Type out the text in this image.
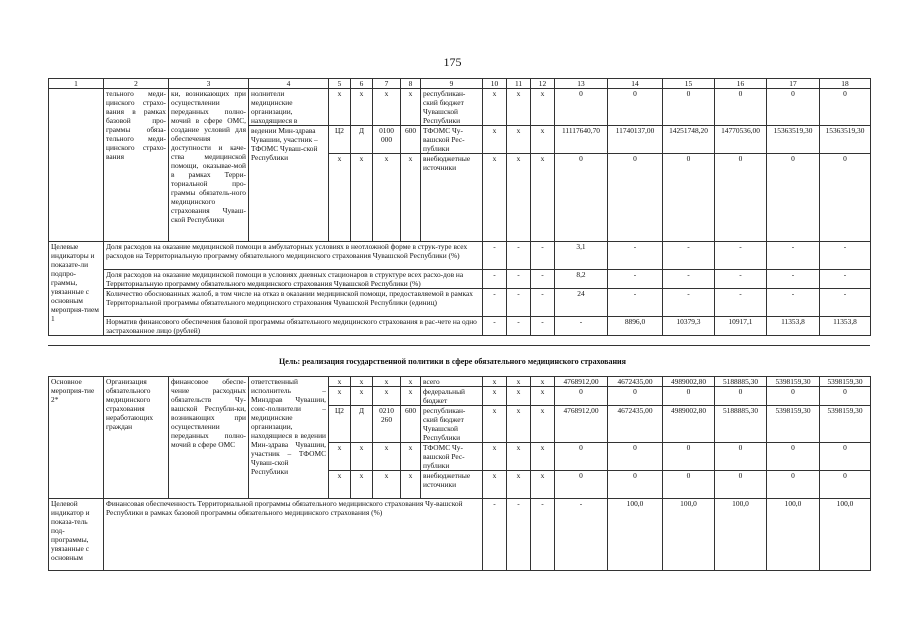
175
1	2	3	4	5	6	7	8	9	10	11	12	13	14	15	16	17	18
	тельного меди-цинского страхо-вания в рамках базовой про-граммы обяза-тельного меди-цинского страхо-вания	ки, возникающих при осуществлении переданных полно-мочий в сфере ОМС, создание условий для обеспечения доступности и каче-ства медицинской помощи, оказывае-мой в рамках Терри-ториальной про-граммы обязатель-ного медицинского страхования Чуваш-ской Республики	нолнители медицинские организации, находящиеся в	х	х	х	х	республикан-ский бюджет Чувашской Республики	х	х	х	0	0	0	0	0	0
			ведении Мин-здрава Чувашии, участник – ТФОМС Чуваш-ской Республики	Ц2	Д	0100 000	600	ТФОМС Чу-вашской Рес-публики	х	х	х	11117640,70	11740137,00	14251748,20	14770536,00	15363519,30	15363519,30
				х	х	х	х	внебюджетные источники	х	х	х	0	0	0	0	0	0
Целевые индикаторы и показате-ли подпро-граммы, увязанные с основным меропрня-тием 1	Доля расходов на оказание медицинской помощи в амбулаторных условиях в неотложной форме в струк-туре всех расходов на Территориальную программу обязательного медицинского страхования Чувашской Республики (%)								-	-	-	3,1	-	-	-	-	-
	Доля расходов на оказание медицинской помощи в условиях дневных стационаров в структуре всех расхо-дов на Территориальную программу обязательного медицинского страхования Чувашской Республики (%)								-	-	-	8,2	-	-	-	-	-
	Количество обоснованных жалоб, в том числе на отказ в оказании медицинской помощи, предоставляемой в рамках Территориальной программы обязательного медицинского страхования Чувашской Республики (единиц)								-	-	-	24	-	-	-	-	-
	Норматив финансового обеспечения базовой программы обязательного медицинского страхования в рас-чете на одно застрахованное лицо (рублей)								-	-	-	-	8896,0	10379,3	10917,1	11353,8	11353,8
Цель: реализация государственной политики в сфере обязательного медицинского страхования
Основное мероприя-тие 2*	Организация обязательного медицинского страхования неработающих граждан	финансовое обеспе-чение расходных обязательств Чу-вашской Республи-ки, возникающих при осуществлении переданных полно-мочий в сфере ОМС	ответственный исполнитель – Минздрав Чувашии, соис-полнители – медицинские организации, находящиеся в ведении Мин-здрава Чувашии, участник – ТФОМС Чуваш-ской Республики	х	х	х	х	всего	х	х	х	4768912,00	4672435,00	4989002,80	5188885,30	5398159,30	5398159,30
				х	х	х	х	федеральный бюджет	х	х	х	0	0	0	0	0	0
				Ц2	Д	0210 260	600	республикан-ский бюджет Чувашской Республики	х	х	х	4768912,00	4672435,00	4989002,80	5188885,30	5398159,30	5398159,30
				х	х	х	х	ТФОМС Чу-вашской Рес-публики	х	х	х	0	0	0	0	0	0
				х	х	х	х	внебюджетные источники	х	х	х	0	0	0	0	0	0
Целевой индикатор и показа-тель под-программы, увязанные с основным	Финансовая обеспеченность Территориальной программы обязательного медицинского страхования Чу-вашской Республики в рамках базовой программы обязательного медицинского страхования (%)								-	-	-	-	100,0	100,0	100,0	100,0	100,0
